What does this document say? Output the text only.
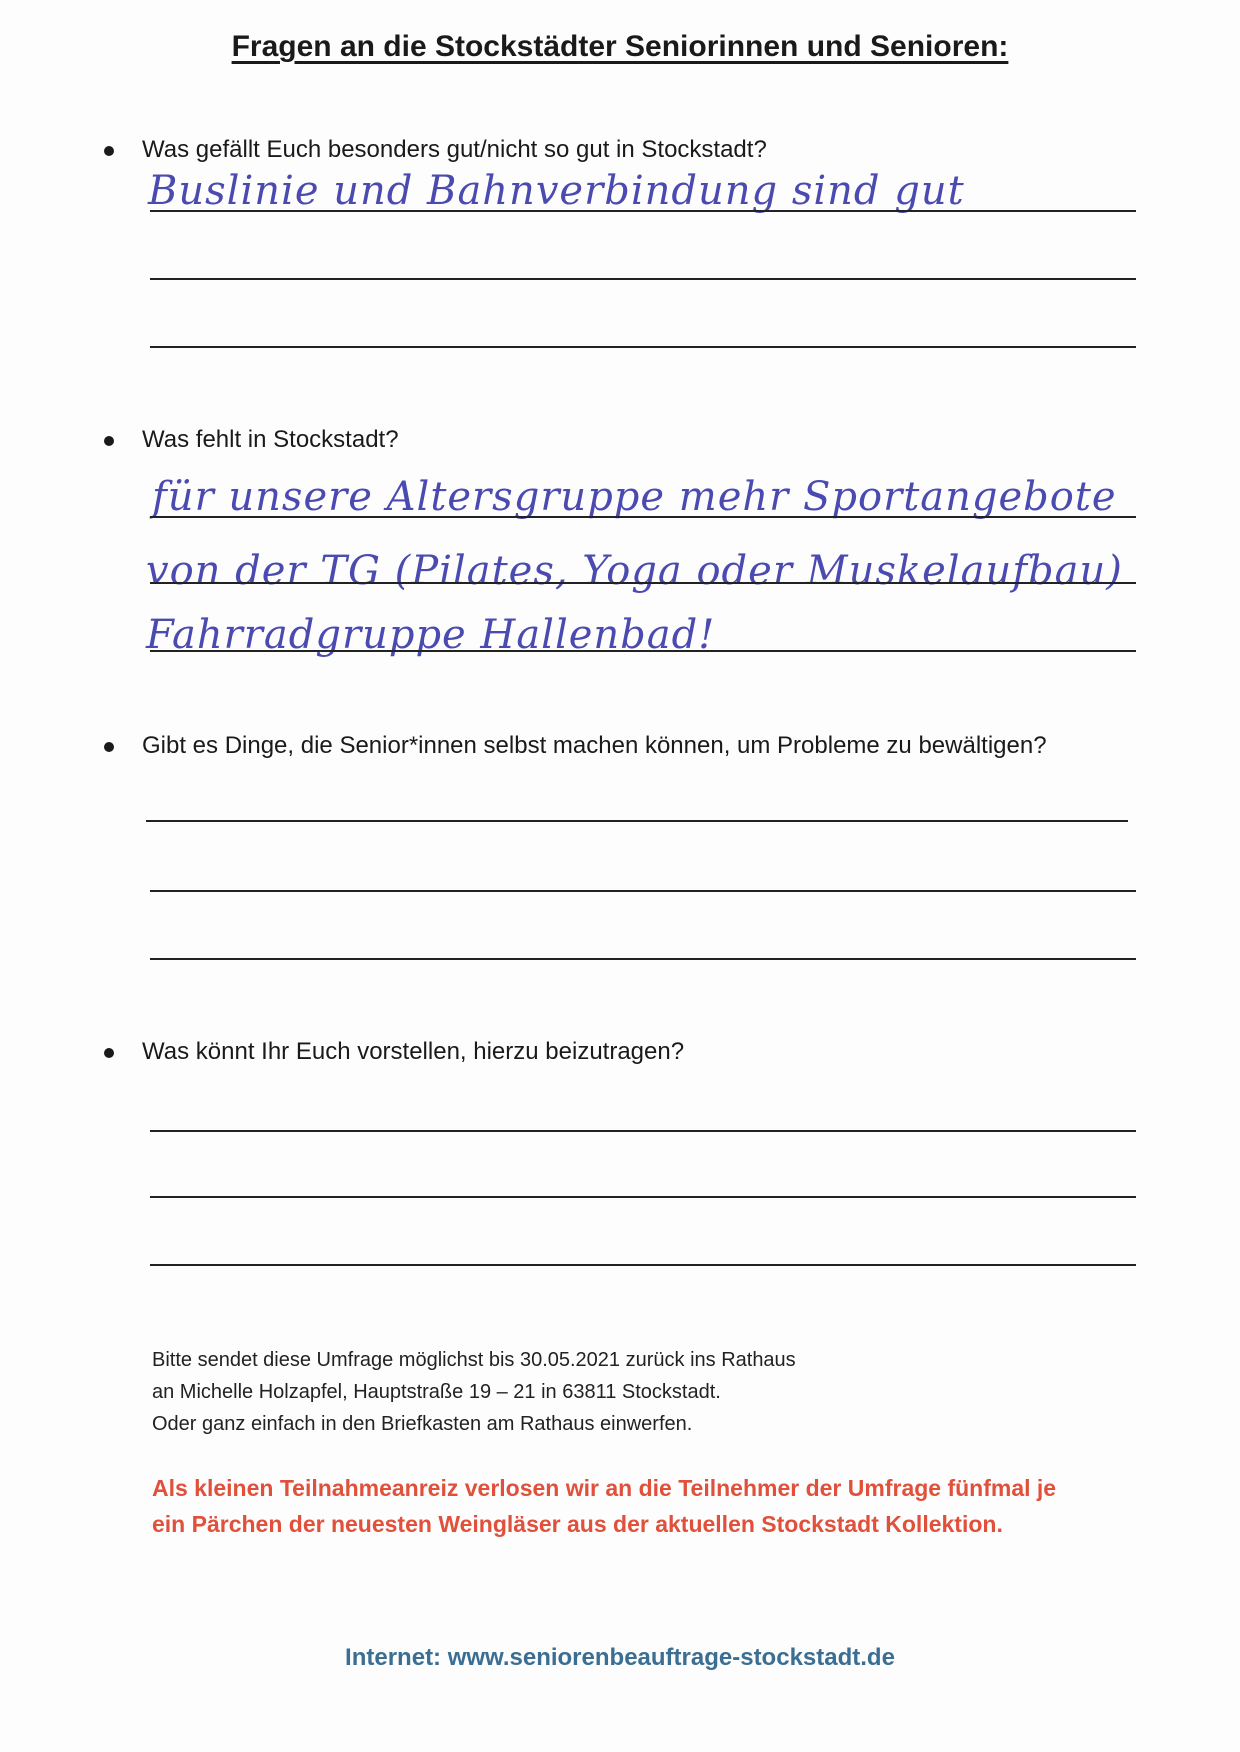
Fragen an die Stockstädter Seniorinnen und Senioren:
Was gefällt Euch besonders gut/nicht so gut in Stockstadt?
Buslinie und Bahnverbindung sind gut
Was fehlt in Stockstadt?
für unsere Altersgruppe mehr Sportangebote
von der TG (Pilates, Yoga oder Muskelaufbau)
Fahrradgruppe Hallenbad!
Gibt es Dinge, die Senior*innen selbst machen können, um Probleme zu bewältigen?
Was könnt Ihr Euch vorstellen, hierzu beizutragen?
Bitte sendet diese Umfrage möglichst bis 30.05.2021 zurück ins Rathaus
an Michelle Holzapfel, Hauptstraße 19 – 21 in 63811 Stockstadt.
Oder ganz einfach in den Briefkasten am Rathaus einwerfen.
Als kleinen Teilnahmeanreiz verlosen wir an die Teilnehmer der Umfrage fünfmal je
ein Pärchen der neuesten Weingläser aus der aktuellen Stockstadt Kollektion.
Internet: www.seniorenbeauftrage-stockstadt.de
